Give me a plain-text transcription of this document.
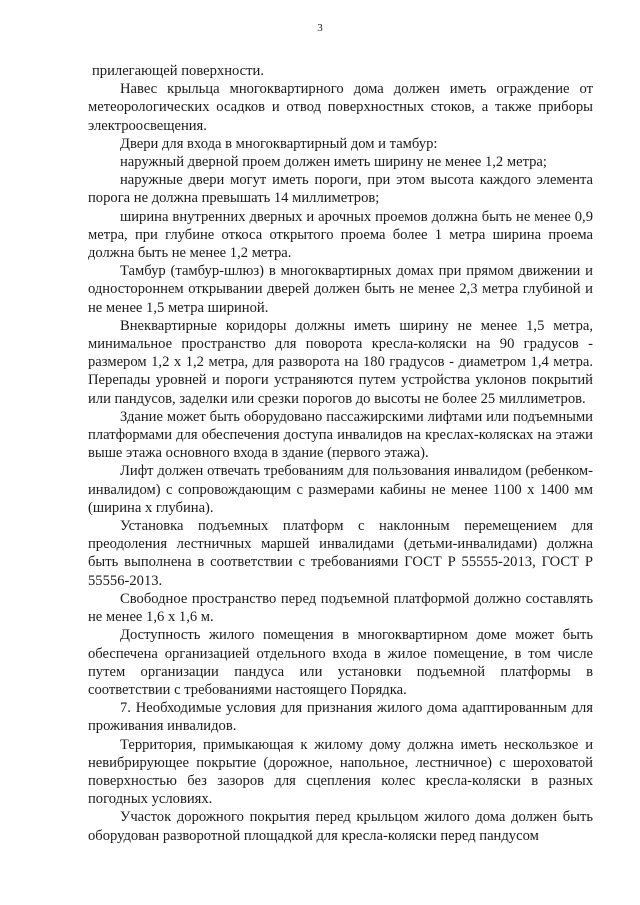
3

прилегающей поверхности.

Навес крыльца многоквартирного дома должен иметь ограждение от метеорологических осадков и отвод поверхностных стоков, а также приборы электроосвещения.

Двери для входа в многоквартирный дом и тамбур:

наружный дверной проем должен иметь ширину не менее 1,2 метра;

наружные двери могут иметь пороги, при этом высота каждого элемента порога не должна превышать 14 миллиметров;

ширина внутренних дверных и арочных проемов должна быть не менее 0,9 метра, при глубине откоса открытого проема более 1 метра ширина проема должна быть не менее 1,2 метра.

Тамбур (тамбур-шлюз) в многоквартирных домах при прямом движении и одностороннем открывании дверей должен быть не менее 2,3 метра глубиной и не менее 1,5 метра шириной.

Внеквартирные коридоры должны иметь ширину не менее 1,5 метра, минимальное пространство для поворота кресла-коляски на 90 градусов - размером 1,2 х 1,2 метра, для разворота на 180 градусов - диаметром 1,4 метра. Перепады уровней и пороги устраняются путем устройства уклонов покрытий или пандусов, заделки или срезки порогов до высоты не более 25 миллиметров.

Здание может быть оборудовано пассажирскими лифтами или подъемными платформами для обеспечения доступа инвалидов на креслах-колясках на этажи выше этажа основного входа в здание (первого этажа).

Лифт должен отвечать требованиям для пользования инвалидом (ребенком-инвалидом) с сопровождающим с размерами кабины не менее 1100 х 1400 мм (ширина х глубина).

Установка подъемных платформ с наклонным перемещением для преодоления лестничных маршей инвалидами (детьми-инвалидами) должна быть выполнена в соответствии с требованиями ГОСТ Р 55555-2013, ГОСТ Р 55556-2013.

Свободное пространство перед подъемной платформой должно составлять не менее 1,6 х 1,6 м.

Доступность жилого помещения в многоквартирном доме может быть обеспечена организацией отдельного входа в жилое помещение, в том числе путем организации пандуса или установки подъемной платформы в соответствии с требованиями настоящего Порядка.

7. Необходимые условия для признания жилого дома адаптированным для проживания инвалидов.

Территория, примыкающая к жилому дому должна иметь нескользкое и невибрирующее покрытие (дорожное, напольное, лестничное) с шероховатой поверхностью без зазоров для сцепления колес кресла-коляски в разных погодных условиях.

Участок дорожного покрытия перед крыльцом жилого дома должен быть оборудован разворотной площадкой для кресла-коляски перед пандусом
